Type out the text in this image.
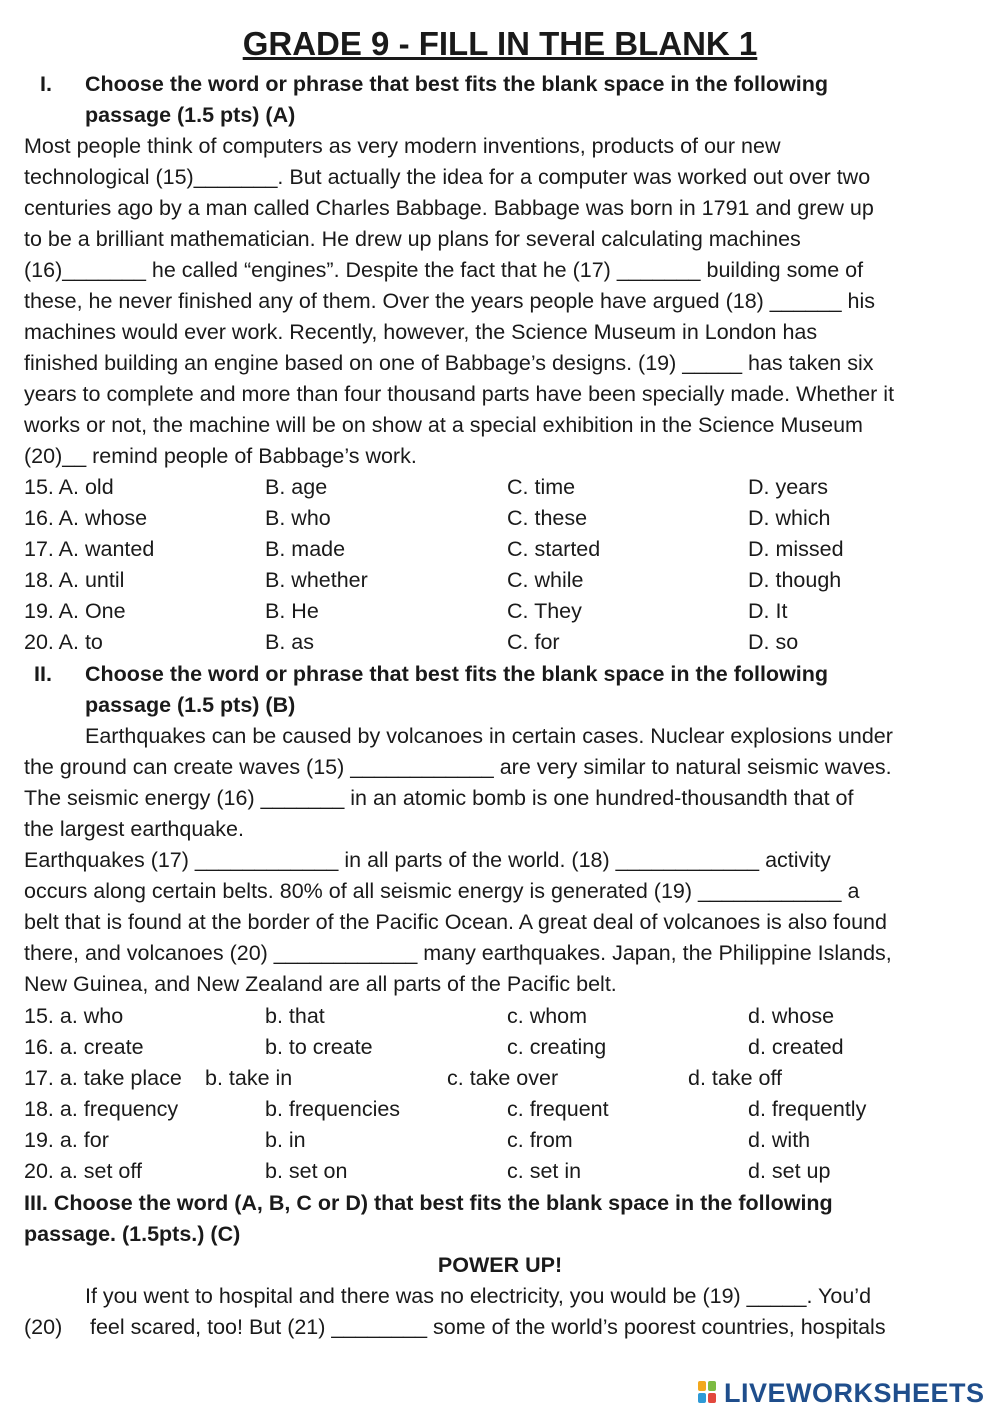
GRADE 9 - FILL IN THE BLANK 1
I.	Choose the word or phrase that best fits the blank space in the following
passage (1.5 pts) (A)
Most people think of computers as very modern inventions, products of our new
technological (15)_______. But actually the idea for a computer was worked out over two
centuries ago by a man called Charles Babbage. Babbage was born in 1791 and grew up
to be a brilliant mathematician. He drew up plans for several calculating machines
(16)_______ he called “engines”. Despite the fact that he (17) _______ building some of
these, he never finished any of them. Over the years people have argued (18) ______ his
machines would ever work. Recently, however, the Science Museum in London has
finished building an engine based on one of Babbage’s designs. (19) _____ has taken six
years to complete and more than four thousand parts have been specially made. Whether it
works or not, the machine will be on show at a special exhibition in the Science Museum
(20)__ remind people of Babbage’s work.
15. A. old	B. age	C. time	D. years
16. A. whose	B. who	C. these	D. which
17. A. wanted	B. made	C. started	D. missed
18. A. until	B. whether	C. while	D. though
19. A. One	B. He	C. They	D. It
20. A. to	B. as	C. for	D. so
II. Choose the word or phrase that best fits the blank space in the following
passage (1.5 pts) (B)
Earthquakes can be caused by volcanoes in certain cases. Nuclear explosions under
the ground can create waves (15) ____________ are very similar to natural seismic waves.
The seismic energy (16) _______ in an atomic bomb is one hundred-thousandth that of
the largest earthquake.
Earthquakes (17) ____________ in all parts of the world. (18) ____________ activity
occurs along certain belts. 80% of all seismic energy is generated (19) ____________ a
belt that is found at the border of the Pacific Ocean. A great deal of volcanoes is also found
there, and volcanoes (20) ____________ many earthquakes. Japan, the Philippine Islands,
New Guinea, and New Zealand are all parts of the Pacific belt.
15. a. who	b. that	c. whom	d. whose
16. a. create	b. to create	c. creating	d. created
17. a. take place b. take in	c. take over	d. take off
18. a. frequency	b. frequencies	c. frequent	d. frequently
19. a. for	b. in	c. from	d. with
20. a. set off	b. set on	c. set in	d. set up
III. Choose the word (A, B, C or D) that best fits the blank space in the following
passage. (1.5pts.) (C)
POWER UP!
If you went to hospital and there was no electricity, you would be (19) _____. You’d
(20) feel scared, too! But (21) ________ some of the world’s poorest countries, hospitals
LIVEWORKSHEETS
